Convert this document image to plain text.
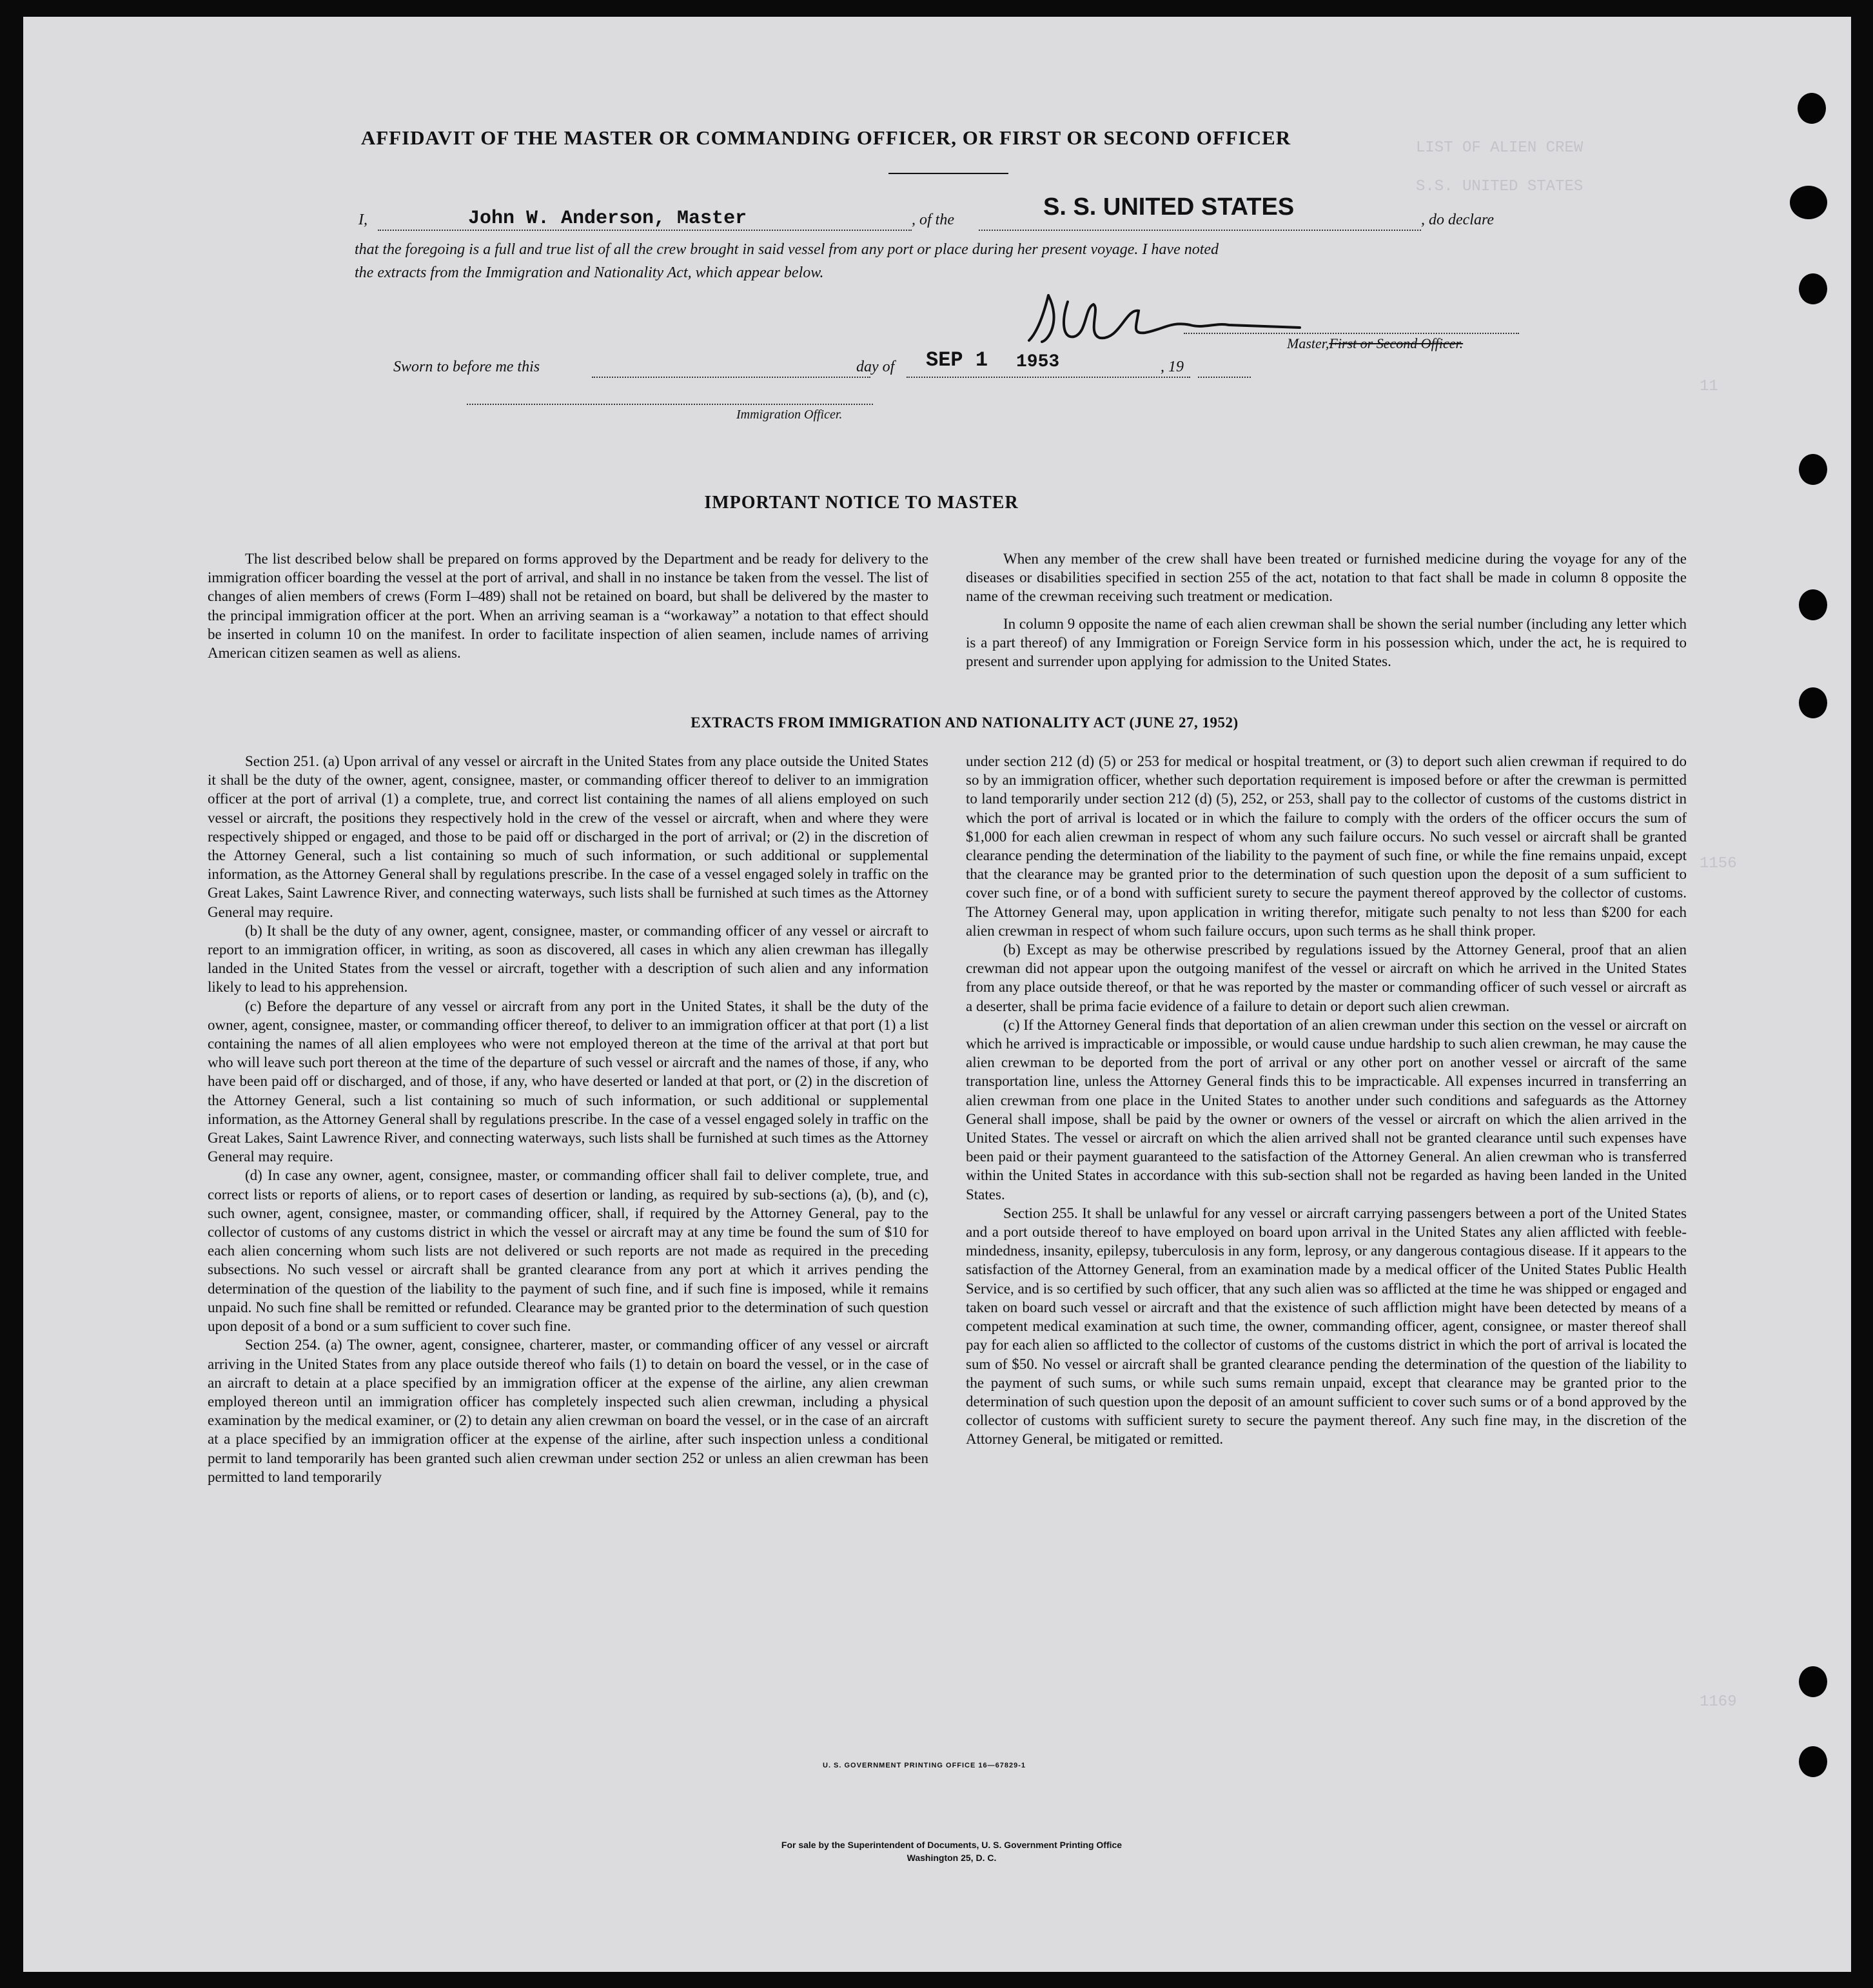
LIST OF ALIEN CREW
S.S. UNITED STATES
11
1156
1169
AFFIDAVIT OF THE MASTER OR COMMANDING OFFICER, OR FIRST OR SECOND OFFICER
I,	John W. Anderson, Master	, of the	S. S. UNITED STATES	, do declare
that the foregoing is a full and true list of all the crew brought in said vessel from any port or place during her present voyage. I have noted
the extracts from the Immigration and Nationality Act, which appear below.
Master,First or Second Officer.
Sworn to before me this	day of SEP 1 1953	, 19
Immigration Officer.
IMPORTANT NOTICE TO MASTER

The list described below shall be prepared on forms approved by the Department and be ready for delivery to the immigration officer boarding the vessel at the port of arrival, and shall in no instance be taken from the vessel. The list of changes of alien members of crews (Form I–489) shall not be retained on board, but shall be delivered by the master to the principal immigration officer at the port. When an arriving seaman is a “workaway” a notation to that effect should be inserted in column 10 on the manifest. In order to facilitate inspection of alien seamen, include names of arriving American citizen seamen as well as aliens.

When any member of the crew shall have been treated or furnished medicine during the voyage for any of the diseases or disabilities specified in section 255 of the act, notation to that fact shall be made in column 8 opposite the name of the crewman receiving such treatment or medication.

In column 9 opposite the name of each alien crewman shall be shown the serial number (including any letter which is a part thereof) of any Immigration or Foreign Service form in his possession which, under the act, he is required to present and surrender upon applying for admission to the United States.

EXTRACTS FROM IMMIGRATION AND NATIONALITY ACT (JUNE 27, 1952)

Section 251. (a) Upon arrival of any vessel or aircraft in the United States from any place outside the United States it shall be the duty of the owner, agent, consignee, master, or commanding officer thereof to deliver to an immigration officer at the port of arrival (1) a complete, true, and correct list containing the names of all aliens employed on such vessel or aircraft, the positions they respectively hold in the crew of the vessel or aircraft, when and where they were respectively shipped or engaged, and those to be paid off or discharged in the port of arrival; or (2) in the discretion of the Attorney General, such a list containing so much of such information, or such additional or supplemental information, as the Attorney General shall by regulations prescribe. In the case of a vessel engaged solely in traffic on the Great Lakes, Saint Lawrence River, and connecting waterways, such lists shall be furnished at such times as the Attorney General may require.

(b) It shall be the duty of any owner, agent, consignee, master, or commanding officer of any vessel or aircraft to report to an immigration officer, in writing, as soon as discovered, all cases in which any alien crewman has illegally landed in the United States from the vessel or aircraft, together with a description of such alien and any information likely to lead to his apprehension.

(c) Before the departure of any vessel or aircraft from any port in the United States, it shall be the duty of the owner, agent, consignee, master, or commanding officer thereof, to deliver to an immigration officer at that port (1) a list containing the names of all alien employees who were not employed thereon at the time of the arrival at that port but who will leave such port thereon at the time of the departure of such vessel or aircraft and the names of those, if any, who have been paid off or discharged, and of those, if any, who have deserted or landed at that port, or (2) in the discretion of the Attorney General, such a list containing so much of such information, or such additional or supplemental information, as the Attorney General shall by regulations prescribe. In the case of a vessel engaged solely in traffic on the Great Lakes, Saint Lawrence River, and connecting waterways, such lists shall be furnished at such times as the Attorney General may require.

(d) In case any owner, agent, consignee, master, or commanding officer shall fail to deliver complete, true, and correct lists or reports of aliens, or to report cases of desertion or landing, as required by sub-sections (a), (b), and (c), such owner, agent, consignee, master, or commanding officer, shall, if required by the Attorney General, pay to the collector of customs of any customs district in which the vessel or aircraft may at any time be found the sum of $10 for each alien concerning whom such lists are not delivered or such reports are not made as required in the preceding subsections. No such vessel or aircraft shall be granted clearance from any port at which it arrives pending the determination of the question of the liability to the payment of such fine, and if such fine is imposed, while it remains unpaid. No such fine shall be remitted or refunded. Clearance may be granted prior to the determination of such question upon deposit of a bond or a sum sufficient to cover such fine.

Section 254. (a) The owner, agent, consignee, charterer, master, or commanding officer of any vessel or aircraft arriving in the United States from any place outside thereof who fails (1) to detain on board the vessel, or in the case of an aircraft to detain at a place specified by an immigration officer at the expense of the airline, any alien crewman employed thereon until an immigration officer has completely inspected such alien crewman, including a physical examination by the medical examiner, or (2) to detain any alien crewman on board the vessel, or in the case of an aircraft at a place specified by an immigration officer at the expense of the airline, after such inspection unless a conditional permit to land temporarily has been granted such alien crewman under section 252 or unless an alien crewman has been permitted to land temporarily

under section 212 (d) (5) or 253 for medical or hospital treatment, or (3) to deport such alien crewman if required to do so by an immigration officer, whether such deportation requirement is imposed before or after the crewman is permitted to land temporarily under section 212 (d) (5), 252, or 253, shall pay to the collector of customs of the customs district in which the port of arrival is located or in which the failure to comply with the orders of the officer occurs the sum of $1,000 for each alien crewman in respect of whom any such failure occurs. No such vessel or aircraft shall be granted clearance pending the determination of the liability to the payment of such fine, or while the fine remains unpaid, except that the clearance may be granted prior to the determination of such question upon the deposit of a sum sufficient to cover such fine, or of a bond with sufficient surety to secure the payment thereof approved by the collector of customs. The Attorney General may, upon application in writing therefor, mitigate such penalty to not less than $200 for each alien crewman in respect of whom such failure occurs, upon such terms as he shall think proper.

(b) Except as may be otherwise prescribed by regulations issued by the Attorney General, proof that an alien crewman did not appear upon the outgoing manifest of the vessel or aircraft on which he arrived in the United States from any place outside thereof, or that he was reported by the master or commanding officer of such vessel or aircraft as a deserter, shall be prima facie evidence of a failure to detain or deport such alien crewman.

(c) If the Attorney General finds that deportation of an alien crewman under this section on the vessel or aircraft on which he arrived is impracticable or impossible, or would cause undue hardship to such alien crewman, he may cause the alien crewman to be deported from the port of arrival or any other port on another vessel or aircraft of the same transportation line, unless the Attorney General finds this to be impracticable. All expenses incurred in transferring an alien crewman from one place in the United States to another under such conditions and safeguards as the Attorney General shall impose, shall be paid by the owner or owners of the vessel or aircraft on which the alien arrived in the United States. The vessel or aircraft on which the alien arrived shall not be granted clearance until such expenses have been paid or their payment guaranteed to the satisfaction of the Attorney General. An alien crewman who is transferred within the United States in accordance with this sub-section shall not be regarded as having been landed in the United States.

Section 255. It shall be unlawful for any vessel or aircraft carrying passengers between a port of the United States and a port outside thereof to have employed on board upon arrival in the United States any alien afflicted with feeble-mindedness, insanity, epilepsy, tuberculosis in any form, leprosy, or any dangerous contagious disease. If it appears to the satisfaction of the Attorney General, from an examination made by a medical officer of the United States Public Health Service, and is so certified by such officer, that any such alien was so afflicted at the time he was shipped or engaged and taken on board such vessel or aircraft and that the existence of such affliction might have been detected by means of a competent medical examination at such time, the owner, commanding officer, agent, consignee, or master thereof shall pay for each alien so afflicted to the collector of customs of the customs district in which the port of arrival is located the sum of $50. No vessel or aircraft shall be granted clearance pending the determination of the question of the liability to the payment of such sums, or while such sums remain unpaid, except that clearance may be granted prior to the determination of such question upon the deposit of an amount sufficient to cover such sums or of a bond approved by the collector of customs with sufficient surety to secure the payment thereof. Any such fine may, in the discretion of the Attorney General, be mitigated or remitted.

U. S. GOVERNMENT PRINTING OFFICE 16—67829-1
For sale by the Superintendent of Documents, U. S. Government Printing Office
Washington 25, D. C.
